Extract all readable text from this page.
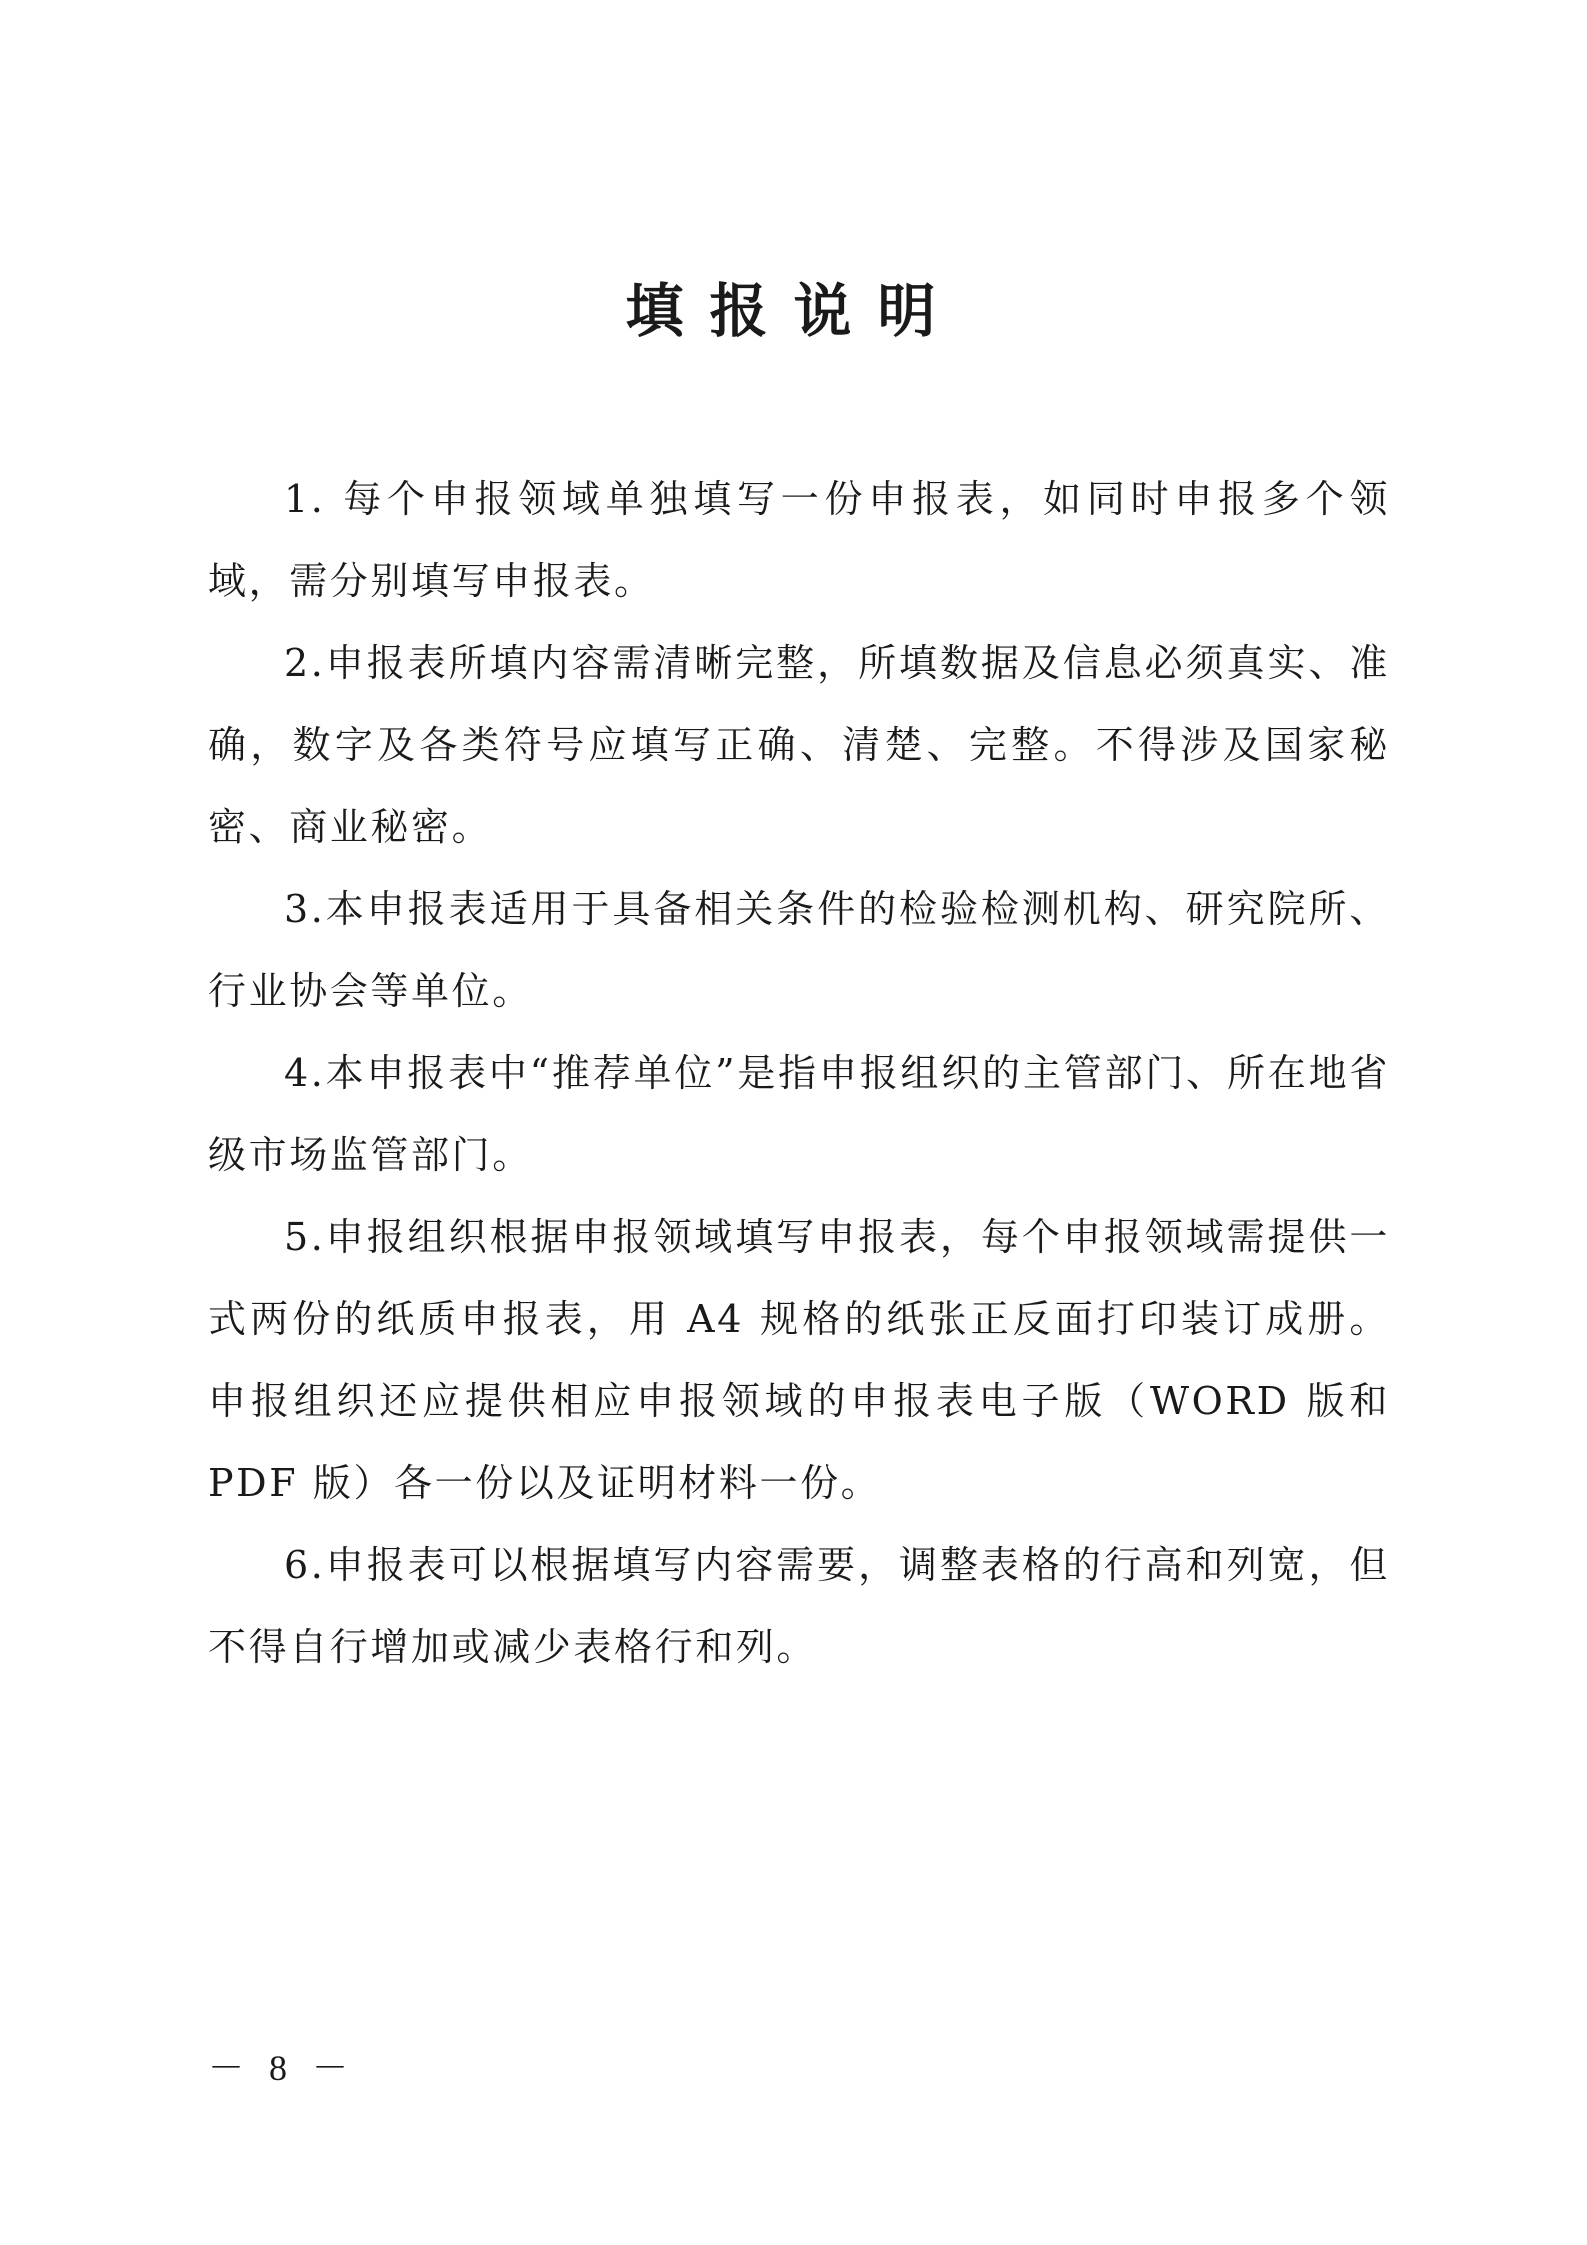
填报说明

1. 每个申报领域单独填写一份申报表，如同时申报多个领域，需分别填写申报表。

2.申报表所填内容需清晰完整，所填数据及信息必须真实、准确，数字及各类符号应填写正确、清楚、完整。不得涉及国家秘密、商业秘密。

3.本申报表适用于具备相关条件的检验检测机构、研究院所、行业协会等单位。

4.本申报表中“推荐单位”是指申报组织的主管部门、所在地省级市场监管部门。

5.申报组织根据申报领域填写申报表，每个申报领域需提供一式两份的纸质申报表，用 A4 规格的纸张正反面打印装订成册。申报组织还应提供相应申报领域的申报表电子版（WORD 版和 PDF 版）各一份以及证明材料一份。

6.申报表可以根据填写内容需要，调整表格的行高和列宽，但不得自行增加或减少表格行和列。

－ 8 －
